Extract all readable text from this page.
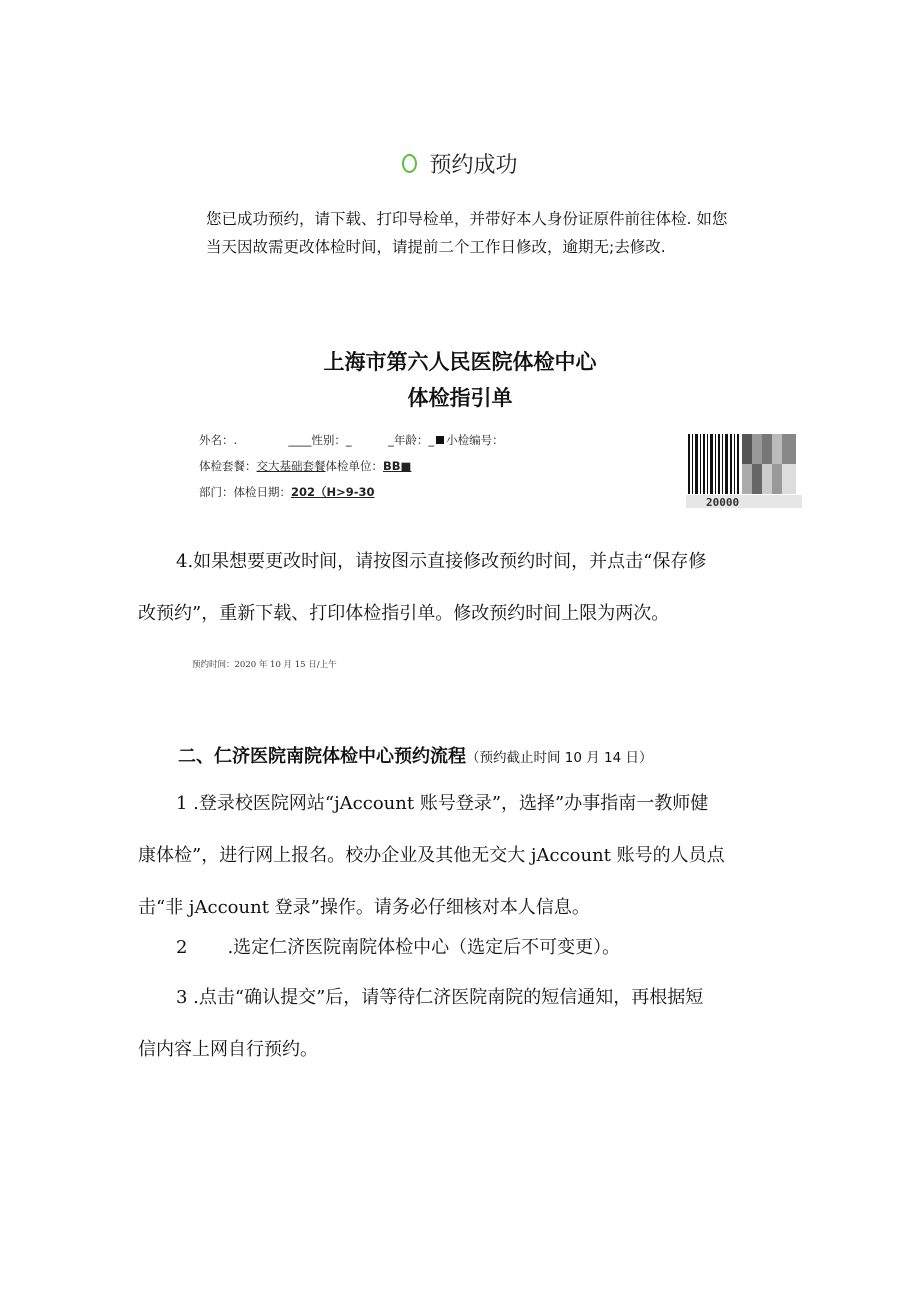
预约成功

您已成功预约，请下载、打印导检单，并带好本人身份证原件前往体检. 如您

当天因故需更改体检时间，请提前二个工作日修改，逾期无;去修改.

上海市第六人民医院体检中心
体检指引单
外名：.              ____性别：_          _年龄：_ 小检编号：
体检套餐：交大基础套餐体检单位：BB■
部门：体检日期：202（H>9-30
20000

4.如果想要更改时间，请按图示直接修改预约时间，并点击“保存修

改预约”，重新下载、打印体检指引单。修改预约时间上限为两次。

预约时间：2020 年 10 月 15 日/上午
二、仁济医院南院体检中心预约流程（预约截止时间 10 月 14 日）

1 .登录校医院网站“jAccount 账号登录”，选择”办事指南一教师健

康体检”，进行网上报名。校办企业及其他无交大 jAccount 账号的人员点

击“非 jAccount 登录”操作。请务必仔细核对本人信息。

2 .选定仁济医院南院体检中心（选定后不可变更）。

3 .点击“确认提交”后，请等待仁济医院南院的短信通知，再根据短

信内容上网自行预约。
